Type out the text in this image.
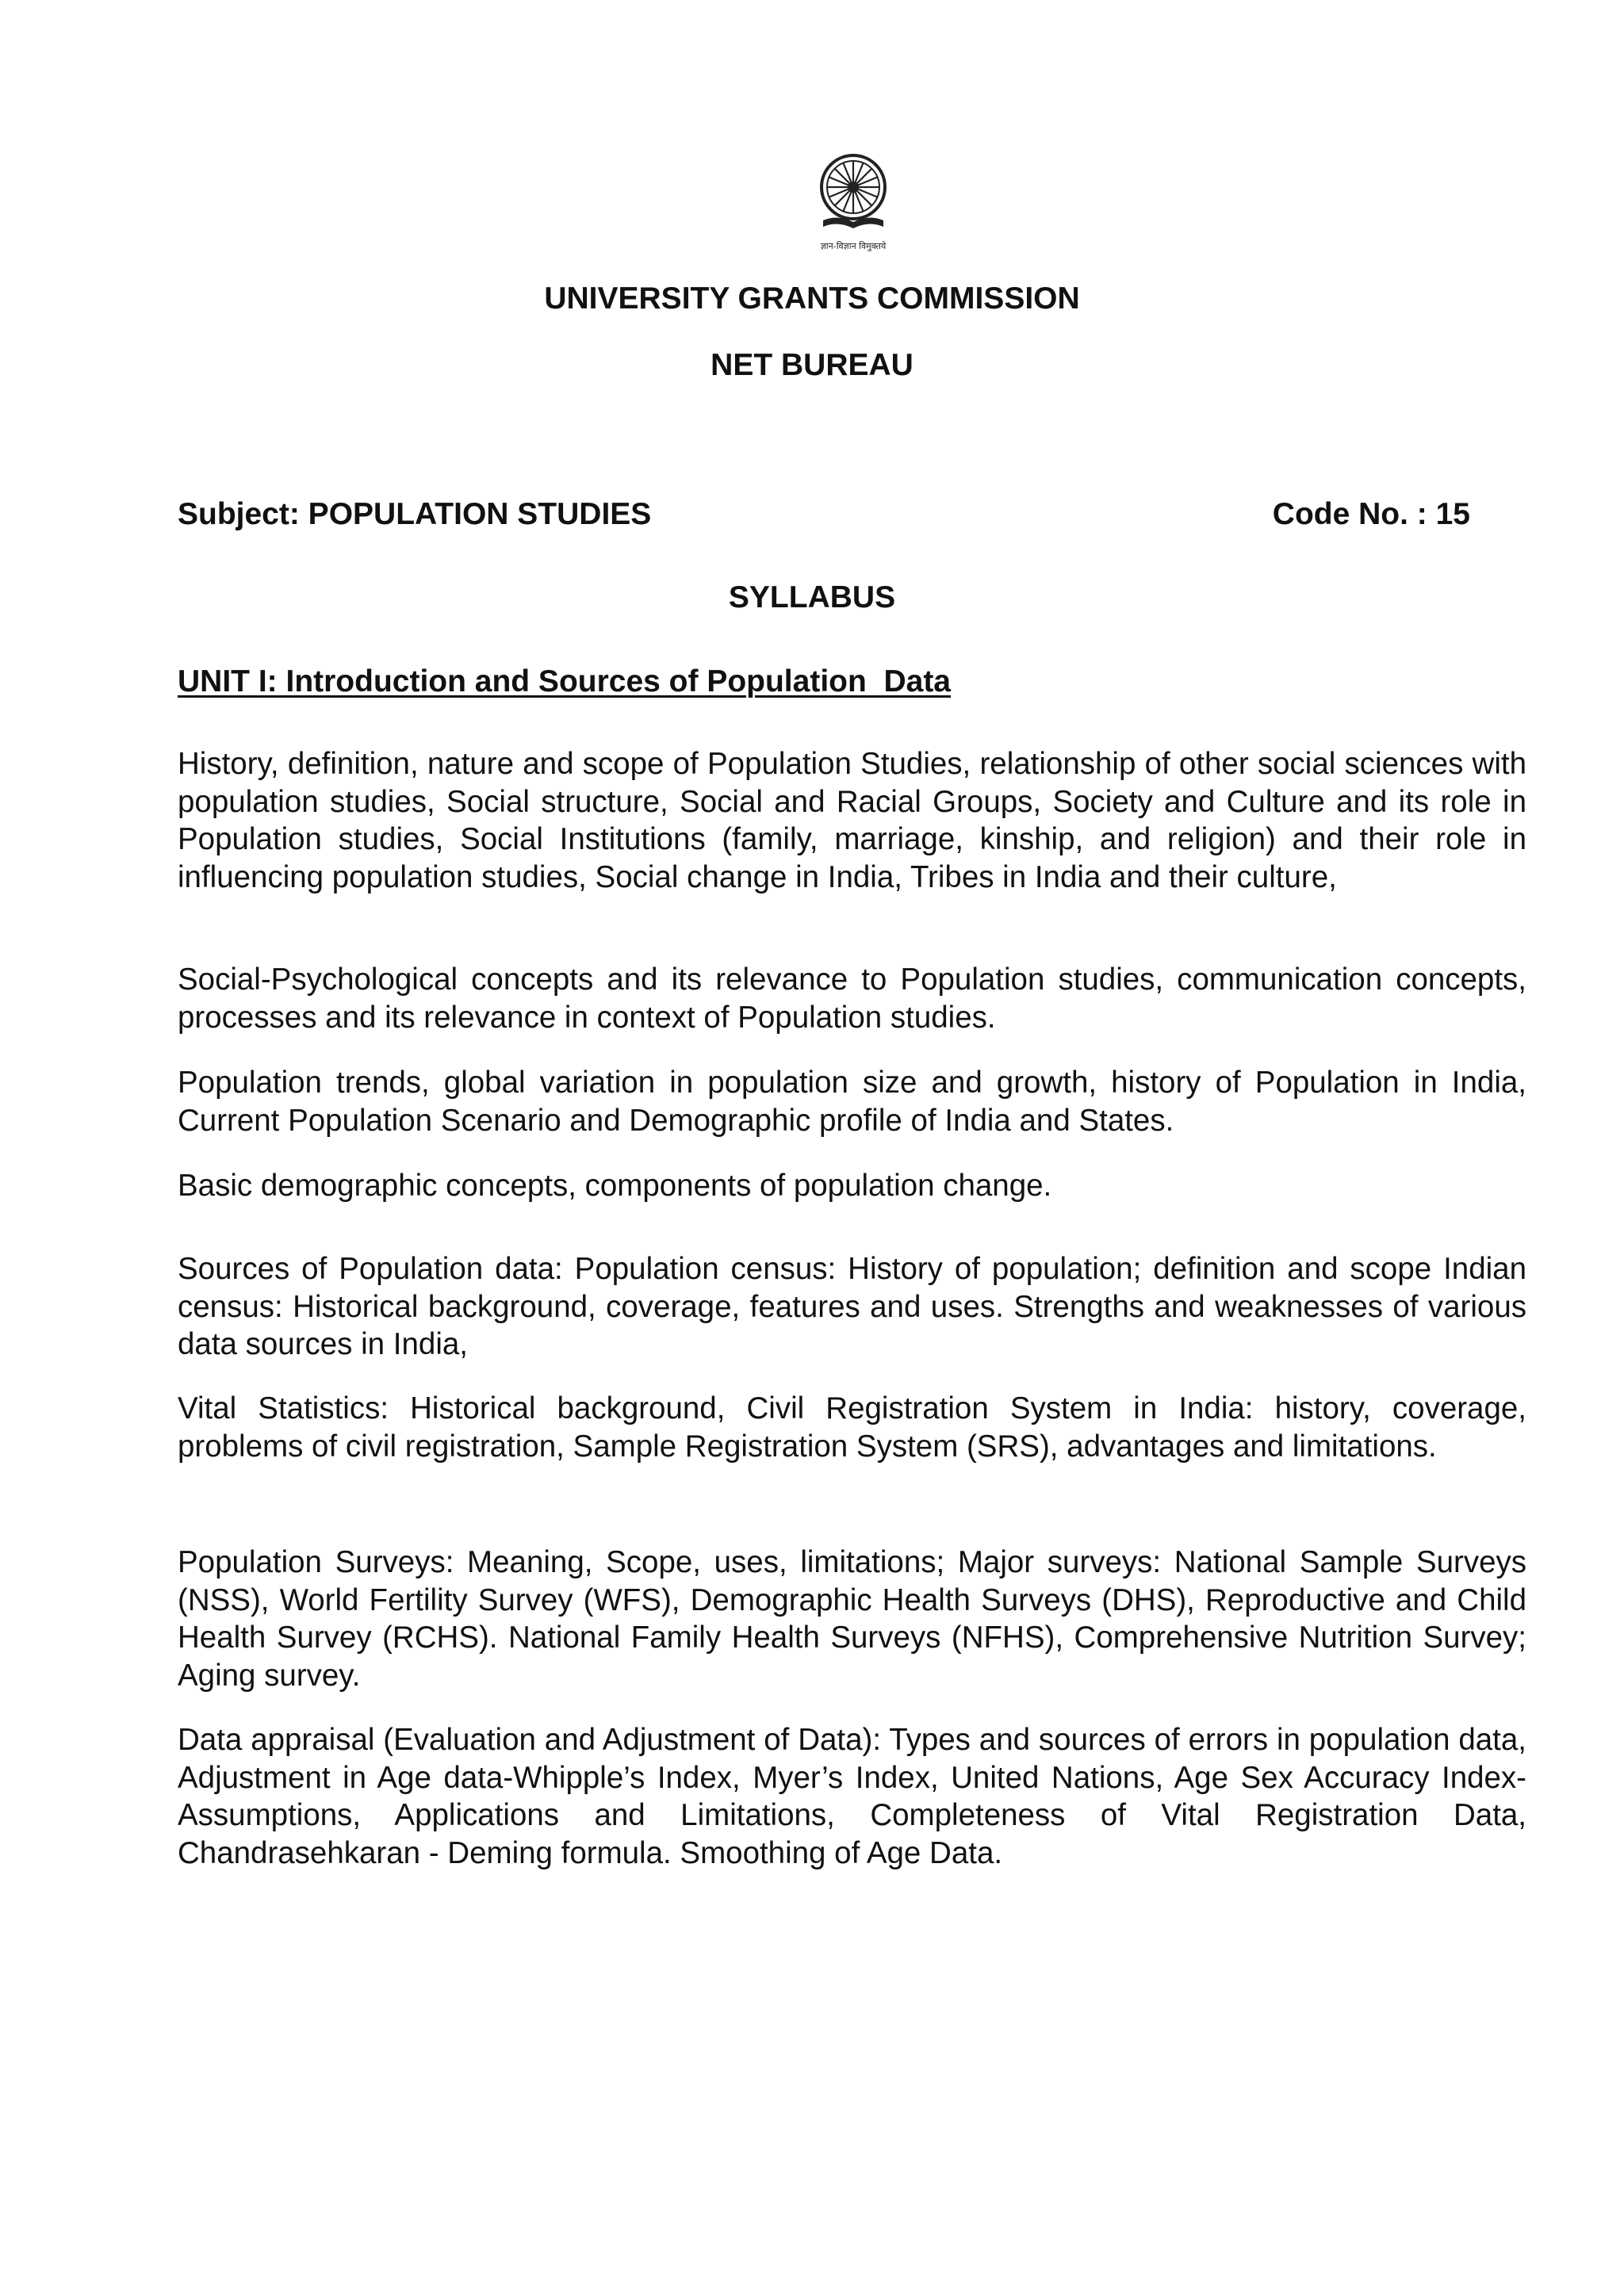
ज्ञान-विज्ञान विमुक्तये
UNIVERSITY GRANTS COMMISSION
NET BUREAU
Subject: POPULATION STUDIES	Code No. : 15
SYLLABUS
UNIT I: Introduction and Sources of Population  Data

History, definition, nature and scope of Population Studies, relationship of other social sciences with population studies, Social structure, Social and Racial Groups, Society and Culture and its role in Population studies, Social Institutions (family, marriage, kinship, and religion) and their role in influencing population studies, Social change in India, Tribes in India and their culture,

Social-Psychological concepts and its relevance to Population studies, communication concepts, processes and its relevance in context of Population studies.

Population trends, global variation in population size and growth, history of Population in India, Current Population Scenario and Demographic profile of India and States.

Basic demographic concepts, components of population change.

Sources of Population data: Population census: History of population; definition and scope Indian census: Historical background, coverage, features and uses. Strengths and weaknesses of various data sources in India,

Vital Statistics: Historical background, Civil Registration System in India: history, coverage, problems of civil registration, Sample Registration System (SRS), advantages and limitations.

Population Surveys: Meaning, Scope, uses, limitations; Major surveys: National Sample Surveys (NSS), World Fertility Survey (WFS), Demographic Health Surveys (DHS), Reproductive and Child Health Survey (RCHS). National Family Health Surveys (NFHS), Comprehensive Nutrition Survey; Aging survey.

Data appraisal (Evaluation and Adjustment of Data): Types and sources of errors in population data, Adjustment in Age data-Whipple’s Index, Myer’s Index, United Nations, Age Sex Accuracy Index-Assumptions, Applications and Limitations, Completeness of Vital Registration Data, Chandrasehkaran - Deming formula. Smoothing of Age Data.
